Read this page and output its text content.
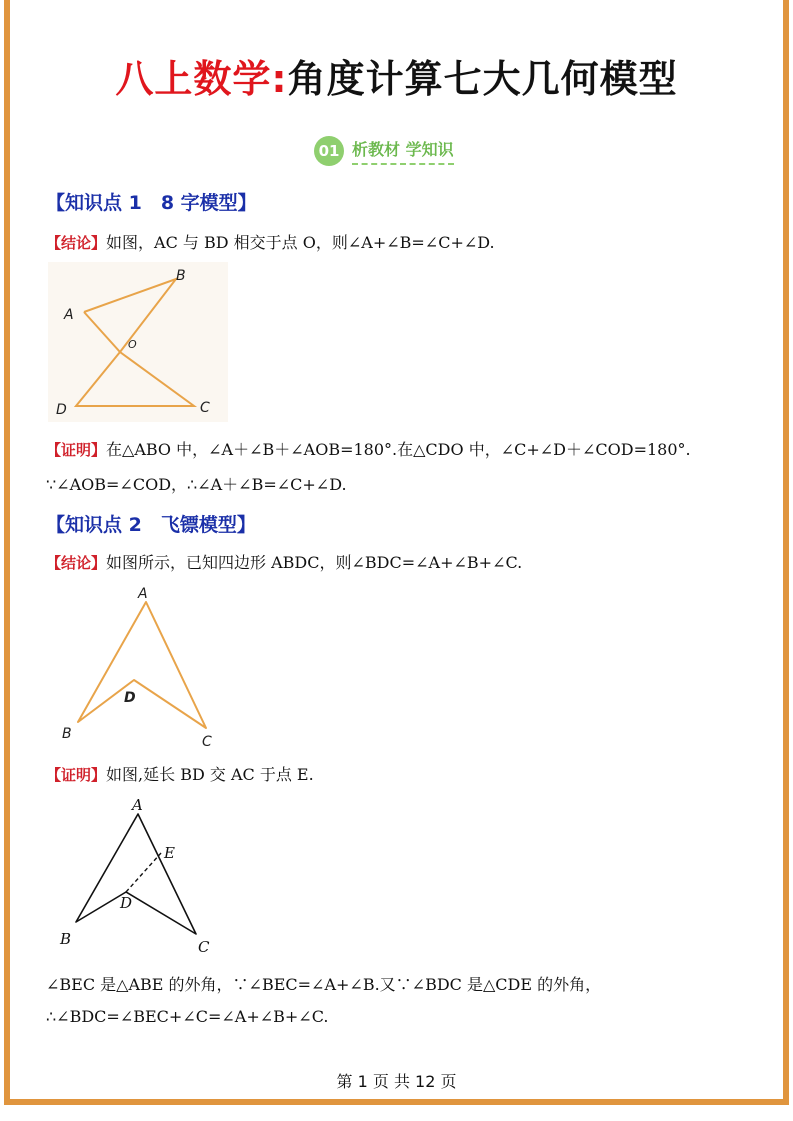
八上数学:角度计算七大几何模型
01 析教材 学知识
【知识点 1　8 字模型】
【结论】如图，AC 与 BD 相交于点 O，则∠A+∠B=∠C+∠D.
B
A
O
D	C
【证明】在△ABO 中，∠A＋∠B＋∠AOB=180°.在△CDO 中，∠C+∠D＋∠COD=180°.
∵∠AOB=∠COD，∴∠A＋∠B=∠C+∠D.
【知识点 2　飞镖模型】
【结论】如图所示，已知四边形 ABDC，则∠BDC=∠A+∠B+∠C.
A
D
B	C
【证明】如图,延长 BD 交 AC 于点 E.
A
E
D
B	C
∠BEC 是△ABE 的外角，∵∠BEC=∠A+∠B.又∵∠BDC 是△CDE 的外角，
∴∠BDC=∠BEC+∠C=∠A+∠B+∠C.
第 1 页 共 12 页
